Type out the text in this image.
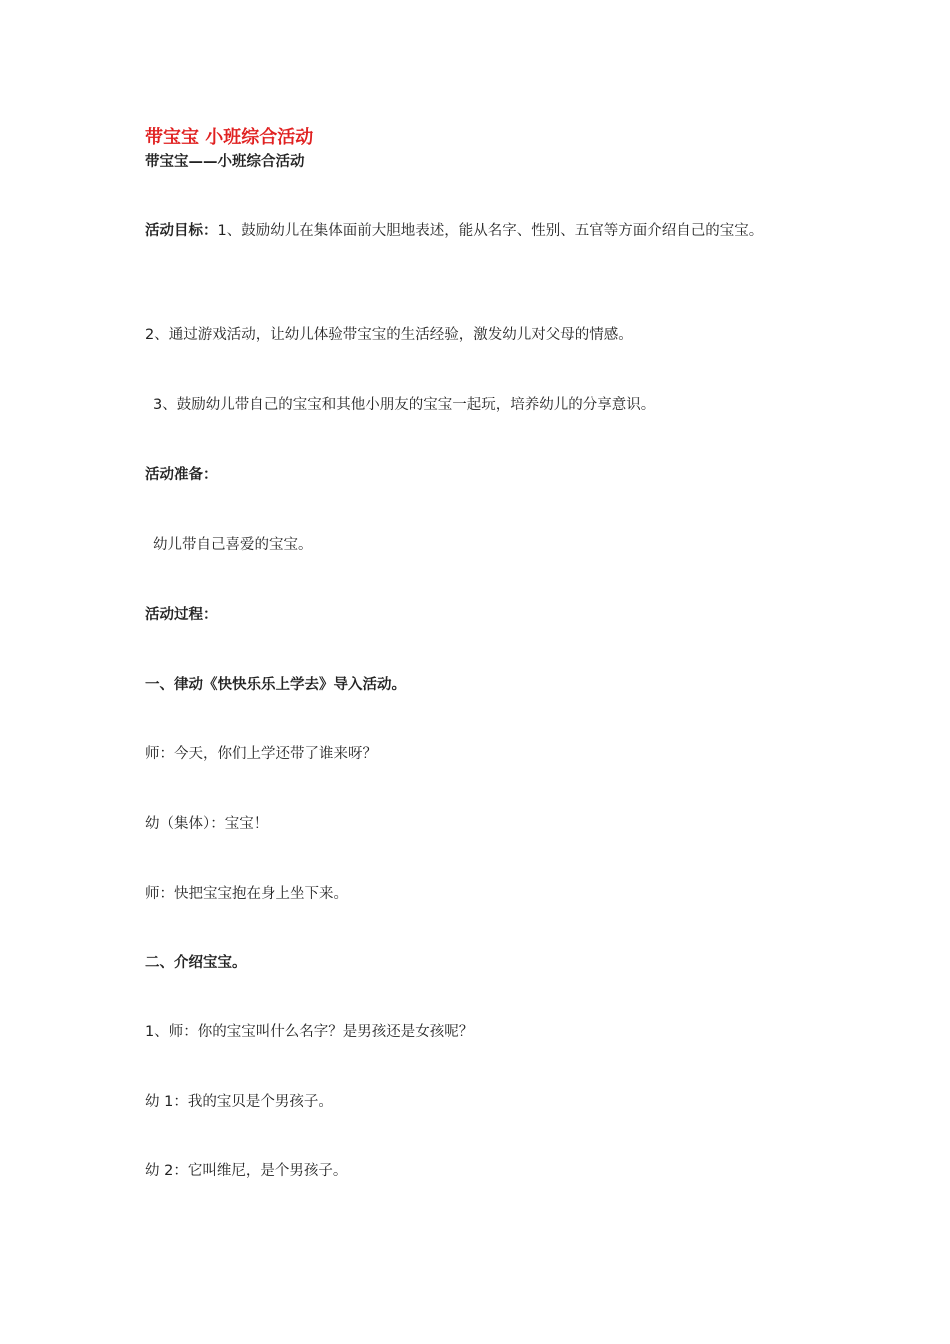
带宝宝 小班综合活动
带宝宝——小班综合活动
活动目标：1、鼓励幼儿在集体面前大胆地表述，能从名字、性别、五官等方面介绍自己的宝宝。
2、通过游戏活动，让幼儿体验带宝宝的生活经验，激发幼儿对父母的情感。
3、鼓励幼儿带自己的宝宝和其他小朋友的宝宝一起玩，培养幼儿的分享意识。
活动准备：
幼儿带自己喜爱的宝宝。
活动过程：
一、律动《快快乐乐上学去》导入活动。
师：今天，你们上学还带了谁来呀？
幼（集体）：宝宝！
师：快把宝宝抱在身上坐下来。
二、介绍宝宝。
1、师：你的宝宝叫什么名字？是男孩还是女孩呢？
幼 1：我的宝贝是个男孩子。
幼 2：它叫维尼，是个男孩子。
